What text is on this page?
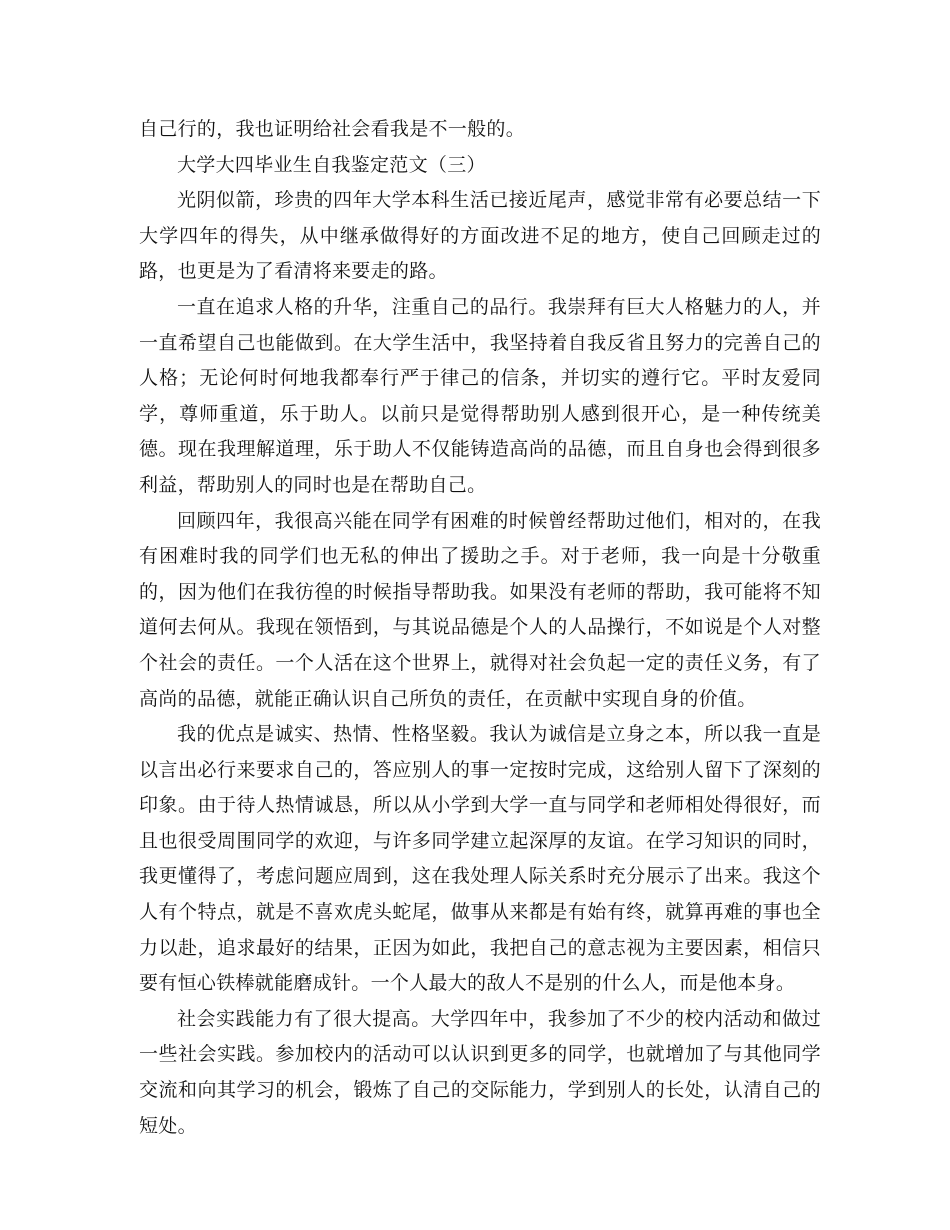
自己行的，我也证明给社会看我是不一般的。

大学大四毕业生自我鉴定范文（三）

光阴似箭，珍贵的四年大学本科生活已接近尾声，感觉非常有必要总结一下大学四年的得失，从中继承做得好的方面改进不足的地方，使自己回顾走过的路，也更是为了看清将来要走的路。

一直在追求人格的升华，注重自己的品行。我崇拜有巨大人格魅力的人，并一直希望自己也能做到。在大学生活中，我坚持着自我反省且努力的完善自己的人格；无论何时何地我都奉行严于律己的信条，并切实的遵行它。平时友爱同学，尊师重道，乐于助人。以前只是觉得帮助别人感到很开心，是一种传统美德。现在我理解道理，乐于助人不仅能铸造高尚的品德，而且自身也会得到很多利益，帮助别人的同时也是在帮助自己。

回顾四年，我很高兴能在同学有困难的时候曾经帮助过他们，相对的，在我有困难时我的同学们也无私的伸出了援助之手。对于老师，我一向是十分敬重的，因为他们在我彷徨的时候指导帮助我。如果没有老师的帮助，我可能将不知道何去何从。我现在领悟到，与其说品德是个人的人品操行，不如说是个人对整个社会的责任。一个人活在这个世界上，就得对社会负起一定的责任义务，有了高尚的品德，就能正确认识自己所负的责任，在贡献中实现自身的价值。

我的优点是诚实、热情、性格坚毅。我认为诚信是立身之本，所以我一直是以言出必行来要求自己的，答应别人的事一定按时完成，这给别人留下了深刻的印象。由于待人热情诚恳，所以从小学到大学一直与同学和老师相处得很好，而且也很受周围同学的欢迎，与许多同学建立起深厚的友谊。在学习知识的同时，我更懂得了，考虑问题应周到，这在我处理人际关系时充分展示了出来。我这个人有个特点，就是不喜欢虎头蛇尾，做事从来都是有始有终，就算再难的事也全力以赴，追求最好的结果，正因为如此，我把自己的意志视为主要因素，相信只要有恒心铁棒就能磨成针。一个人最大的敌人不是别的什么人，而是他本身。

社会实践能力有了很大提高。大学四年中，我参加了不少的校内活动和做过一些社会实践。参加校内的活动可以认识到更多的同学，也就增加了与其他同学交流和向其学习的机会，锻炼了自己的交际能力，学到别人的长处，认清自己的短处。
